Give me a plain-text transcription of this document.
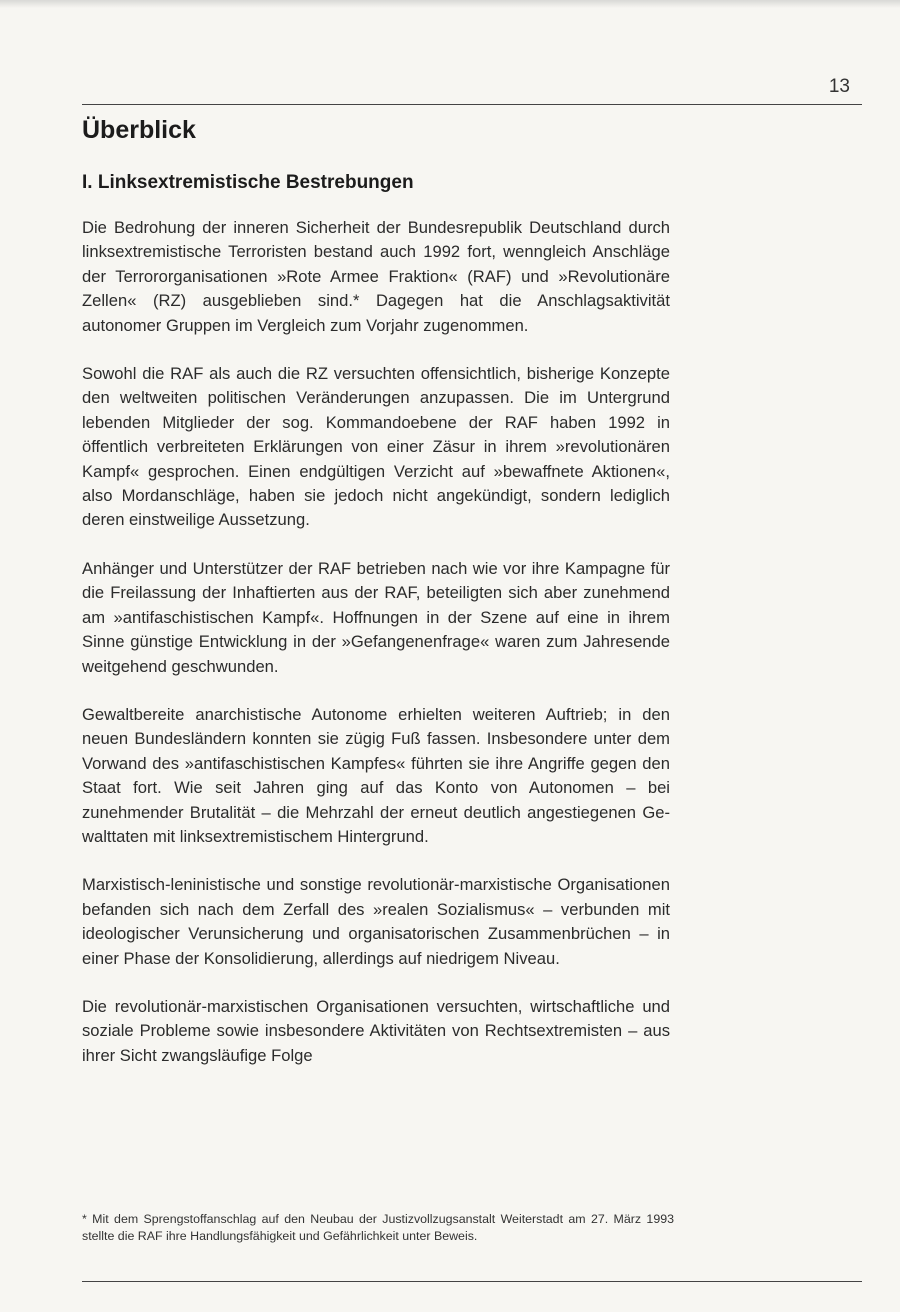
13
Überblick
I. Linksextremistische Bestrebungen

Die Bedrohung der inneren Sicherheit der Bundesrepublik Deutschland durch linksextremistische Terroristen bestand auch 1992 fort, wenngleich Anschläge der Terrororganisationen »Rote Armee Fraktion« (RAF) und »Revolutionäre Zellen« (RZ) ausgeblieben sind.* Dagegen hat die Anschlagsaktivität autonomer Gruppen im Vergleich zum Vorjahr zugenommen.

Sowohl die RAF als auch die RZ versuchten offensichtlich, bisherige Konzepte den weltweiten politischen Veränderungen anzupassen. Die im Untergrund lebenden Mitglieder der sog. Kommandoebene der RAF haben 1992 in öffentlich verbreiteten Erklärungen von einer Zäsur in ihrem »revolutionären Kampf« gesprochen. Einen endgültigen Verzicht auf »bewaffnete Aktionen«, also Mordanschläge, haben sie jedoch nicht angekündigt, sondern lediglich deren einstweilige Aussetzung.

Anhänger und Unterstützer der RAF betrieben nach wie vor ihre Kampagne für die Freilassung der Inhaftierten aus der RAF, beteiligten sich aber zunehmend am »antifaschistischen Kampf«. Hoffnungen in der Szene auf eine in ihrem Sinne günstige Entwicklung in der »Gefangenenfrage« waren zum Jahresende weitgehend geschwunden.

Gewaltbereite anarchistische Autonome erhielten weiteren Auftrieb; in den neuen Bundesländern konnten sie zügig Fuß fassen. Insbesondere unter dem Vorwand des »antifaschistischen Kampfes« führten sie ihre Angriffe gegen den Staat fort. Wie seit Jahren ging auf das Konto von Autonomen – bei zunehmender Brutalität – die Mehrzahl der erneut deutlich angestiegenen Gewalttaten mit linksextremistischem Hintergrund.

Marxistisch-leninistische und sonstige revolutionär-marxistische Organisationen befanden sich nach dem Zerfall des »realen Sozialismus« – verbunden mit ideologischer Verunsicherung und organisatorischen Zusammenbrüchen – in einer Phase der Konsolidierung, allerdings auf niedrigem Niveau.

Die revolutionär-marxistischen Organisationen versuchten, wirtschaftliche und soziale Probleme sowie insbesondere Aktivitäten von Rechtsextremisten – aus ihrer Sicht zwangsläufige Folge

* Mit dem Sprengstoffanschlag auf den Neubau der Justizvollzugsanstalt Weiterstadt am 27. März 1993 stellte die RAF ihre Handlungsfähigkeit und Gefährlichkeit unter Beweis.
